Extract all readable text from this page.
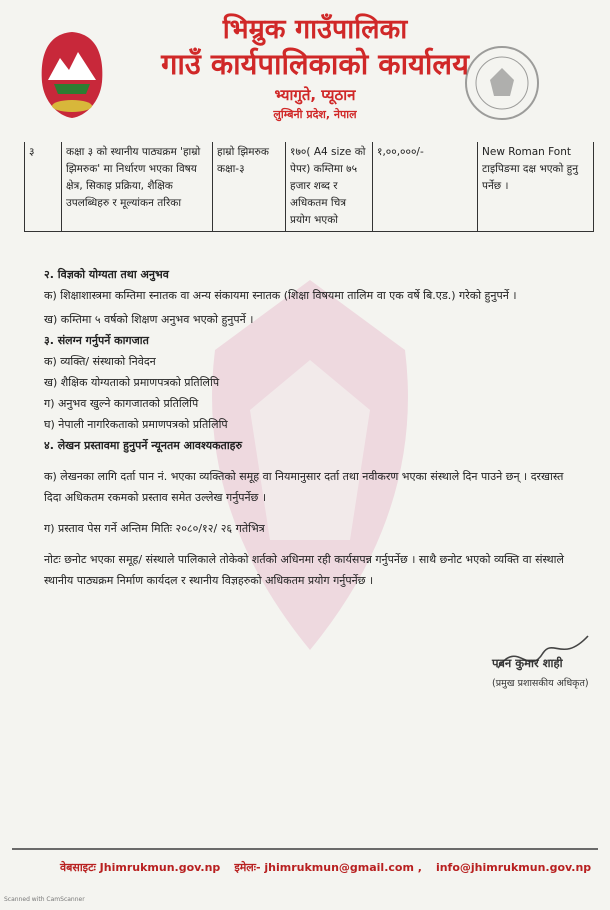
भिम्रुक गाउँपालिका
गाउँ कार्यपालिकाको कार्यालय
भ्यागुते, प्यूठान
लुम्बिनी प्रदेश, नेपाल
३	कक्षा ३ को स्थानीय पाठ्यक्रम 'हाम्रो झिमरुक' मा निर्धारण भएका विषय क्षेत्र, सिकाइ प्रक्रिया, शैक्षिक उपलब्धिहरु र मूल्यांकन तरिका	हाम्रो झिमरुक कक्षा-३	१७०( A4 size को पेपर) कम्तिमा ७५ हजार शब्द र अधिकतम चित्र प्रयोग भएको	१,००,०००/-	New Roman Font टाइपिङमा दक्ष भएको हुनु पर्नेछ ।

२. विज्ञको योग्यता तथा अनुभव

क) शिक्षाशास्त्रमा कम्तिमा स्नातक वा अन्य संकायमा स्नातक (शिक्षा विषयमा तालिम वा एक वर्षे बि.एड.) गरेको हुनुपर्ने ।

ख) कम्तिमा ५ वर्षको शिक्षण अनुभव भएको हुनुपर्ने ।

३. संलग्न गर्नुपर्ने कागजात

क) व्यक्ति/ संस्थाको निवेदन

ख) शैक्षिक योग्यताको प्रमाणपत्रको प्रतिलिपि

ग) अनुभव खुल्ने कागजातको प्रतिलिपि

घ) नेपाली नागरिकताको प्रमाणपत्रको प्रतिलिपि

४. लेखन प्रस्तावमा हुनुपर्ने न्यूनतम आवश्यकताहरु

क) लेखनका लागि दर्ता पान नं. भएका व्यक्तिको समूह वा नियमानुसार दर्ता तथा नवीकरण भएका संस्थाले दिन पाउने छन् । दरखास्त दिदा अधिकतम रकमको प्रस्ताव समेत उल्लेख गर्नुपर्नेछ ।

ग) प्रस्ताव पेस गर्ने अन्तिम मितिः २०८०/१२/ २६ गतेभित्र

नोटः छनोट भएका समूह/ संस्थाले पालिकाले तोकेको शर्तको अधिनमा रही कार्यसपन्न गर्नुपर्नेछ । साथै छनोट भएको व्यक्ति वा संस्थाले स्थानीय पाठ्यक्रम निर्माण कार्यदल र स्थानीय विज्ञहरुको अधिकतम प्रयोग गर्नुपर्नेछ ।

पवन कुमार शाही
(प्रमुख प्रशासकीय अधिकृत)
वेबसाइटः Jhimrukmun.gov.np इमेलः- jhimrukmun@gmail.com , info@jhimrukmun.gov.np
Scanned with CamScanner
